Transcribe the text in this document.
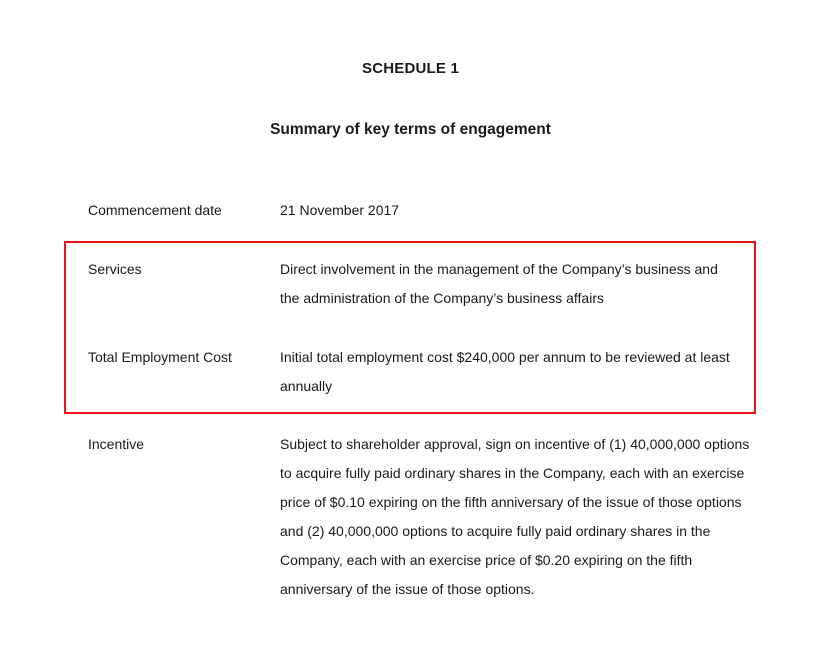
SCHEDULE 1
Summary of key terms of engagement
Commencement date	21 November 2017
Services	Direct involvement in the management of the Company’s business and the administration of the Company’s business affairs
Total Employment Cost	Initial total employment cost $240,000 per annum to be reviewed at least annually
Incentive	Subject to shareholder approval, sign on incentive of (1) 40,000,000 options to acquire fully paid ordinary shares in the Company, each with an exercise price of $0.10 expiring on the fifth anniversary of the issue of those options and (2) 40,000,000 options to acquire fully paid ordinary shares in the Company, each with an exercise price of $0.20 expiring on the fifth anniversary of the issue of those options.
